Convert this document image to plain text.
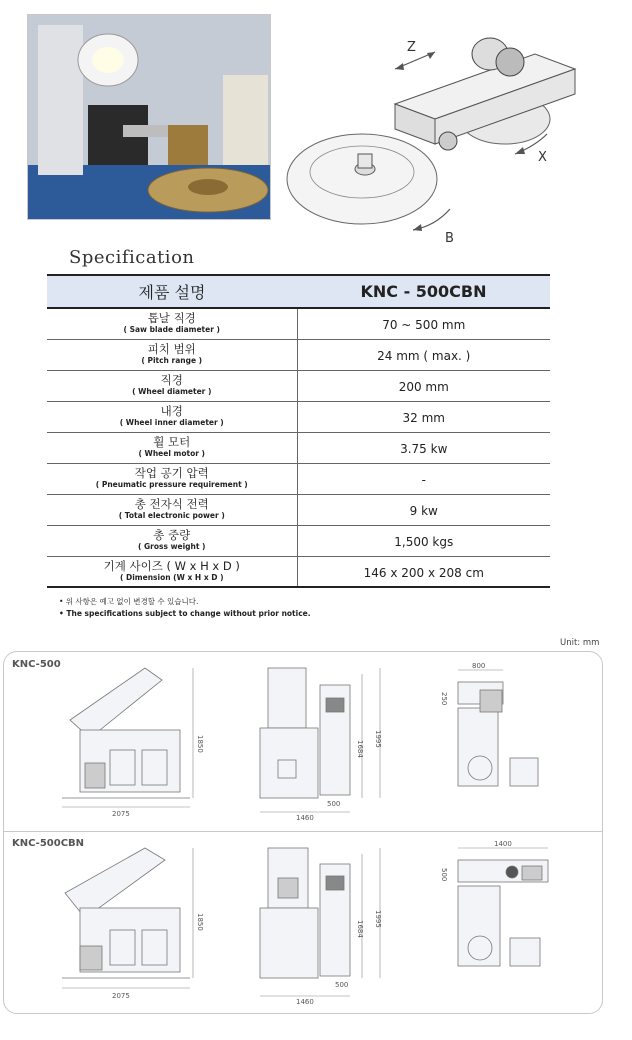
Z
X
B
Specification
제품 설명	KNC - 500CBN

톱날 직경
( Saw blade diameter )	70 ~ 500 mm

피치 범위
( Pitch range )	24 mm ( max. )

직경
( Wheel diameter )	200 mm

내경
( Wheel inner diameter )	32 mm

휠 모터
( Wheel motor )	3.75 kw

작업 공기 압력
( Pneumatic pressure requirement )	-

총 전자식 전력
( Total electronic power )	9 kw

총 중량
( Gross weight )	1,500 kgs

기계 사이즈 ( W x H x D )
( Dimension (W x H x D )	146 x 200 x 208 cm
• 위 사항은 예고 없이 변경할 수 있습니다.
• The specifications subject to change without prior notice.
Unit: mm
KNC-500
KNC-500CBN
2075
1850	1684
1995
500
1460
800
250
2075
1850	1684
1995
500
1460
1400
500
